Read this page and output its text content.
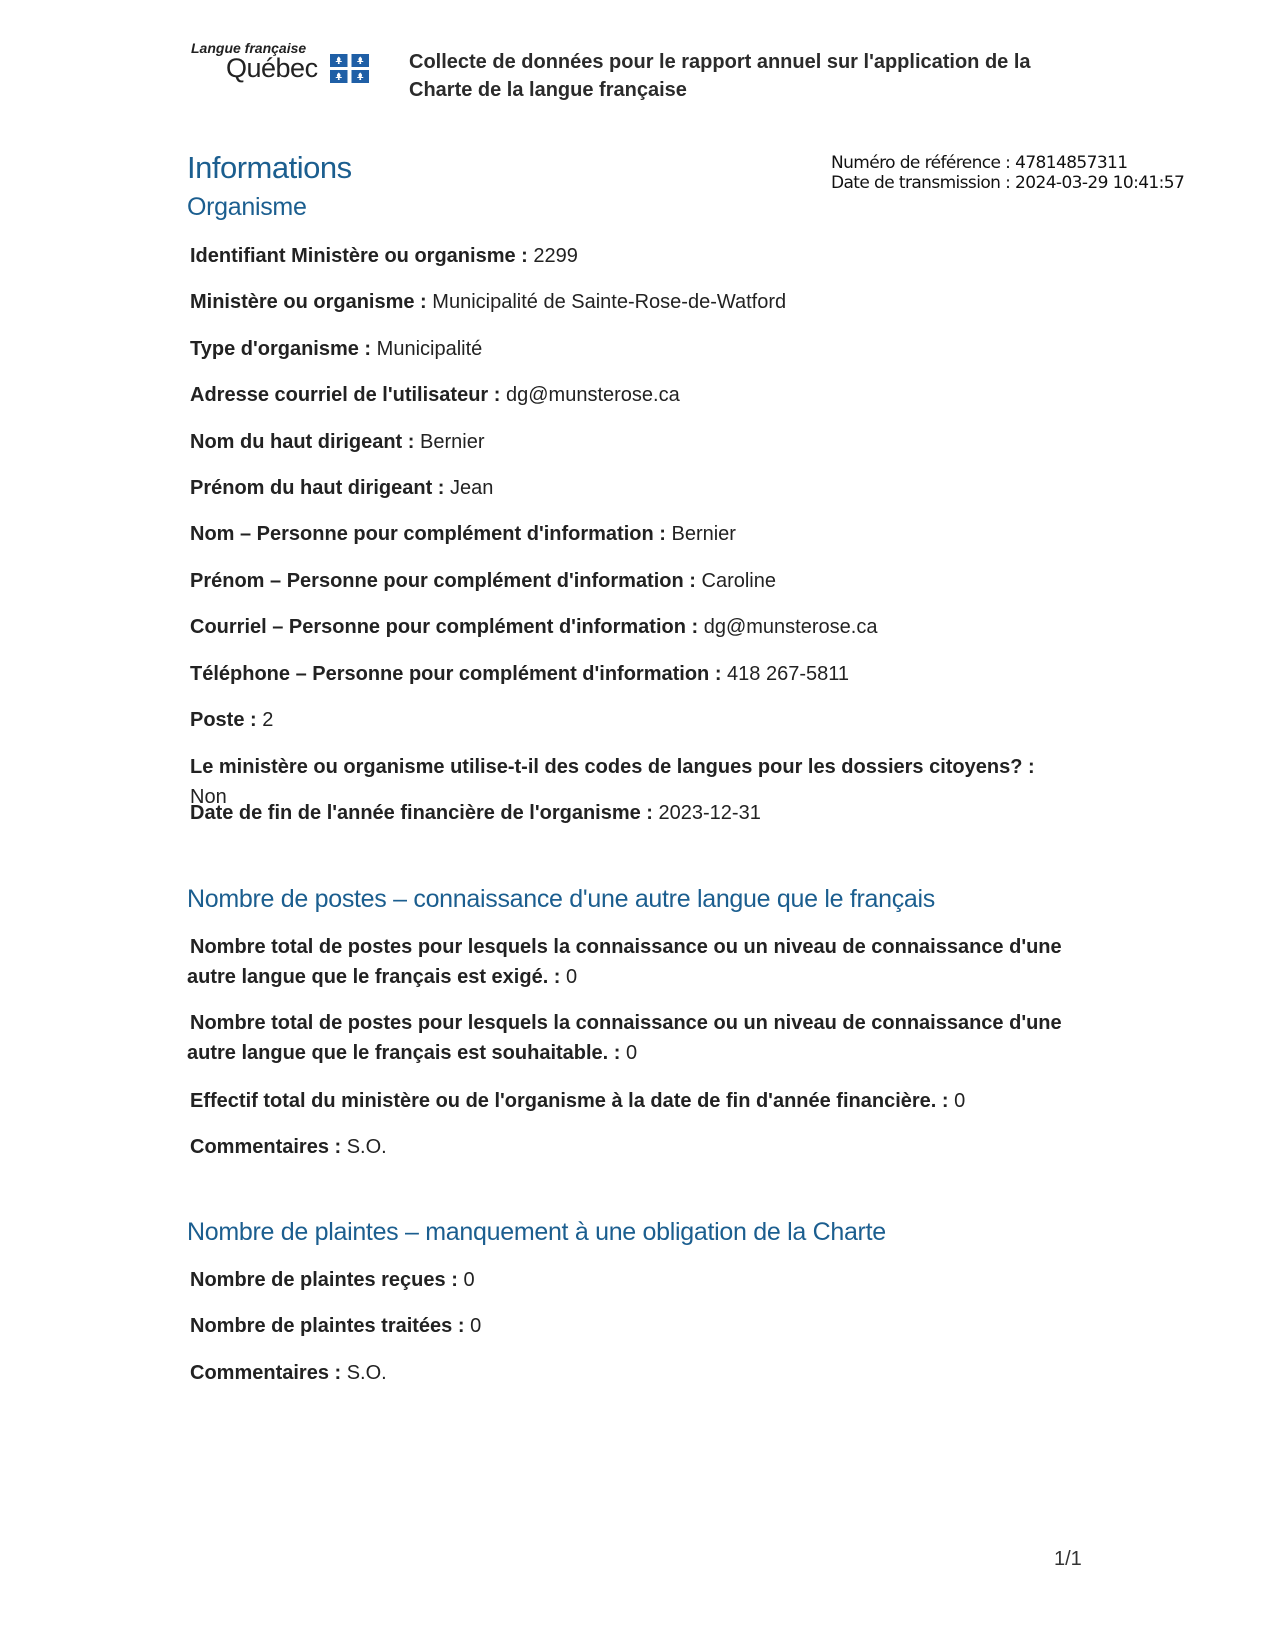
Langue française
Québec	Collecte de données pour le rapport annuel sur l'application de la Charte de la langue française
Numéro de référence : 47814857311
Date de transmission : 2024-03-29 10:41:57
Informations
Organisme
Identifiant Ministère ou organisme : 2299
Ministère ou organisme : Municipalité de Sainte-Rose-de-Watford
Type d'organisme : Municipalité
Adresse courriel de l'utilisateur : dg@munsterose.ca
Nom du haut dirigeant : Bernier
Prénom du haut dirigeant : Jean
Nom – Personne pour complément d'information : Bernier
Prénom – Personne pour complément d'information : Caroline
Courriel – Personne pour complément d'information : dg@munsterose.ca
Téléphone – Personne pour complément d'information : 418 267-5811
Poste : 2
Le ministère ou organisme utilise-t-il des codes de langues pour les dossiers citoyens? : Non
Date de fin de l'année financière de l'organisme : 2023-12-31
Nombre de postes – connaissance d'une autre langue que le français
Nombre total de postes pour lesquels la connaissance ou un niveau de connaissance d'une autre langue que le français est exigé. : 0
Nombre total de postes pour lesquels la connaissance ou un niveau de connaissance d'une autre langue que le français est souhaitable. : 0
Effectif total du ministère ou de l'organisme à la date de fin d'année financière. : 0
Commentaires : S.O.
Nombre de plaintes – manquement à une obligation de la Charte
Nombre de plaintes reçues : 0
Nombre de plaintes traitées : 0
Commentaires : S.O.
1/1
